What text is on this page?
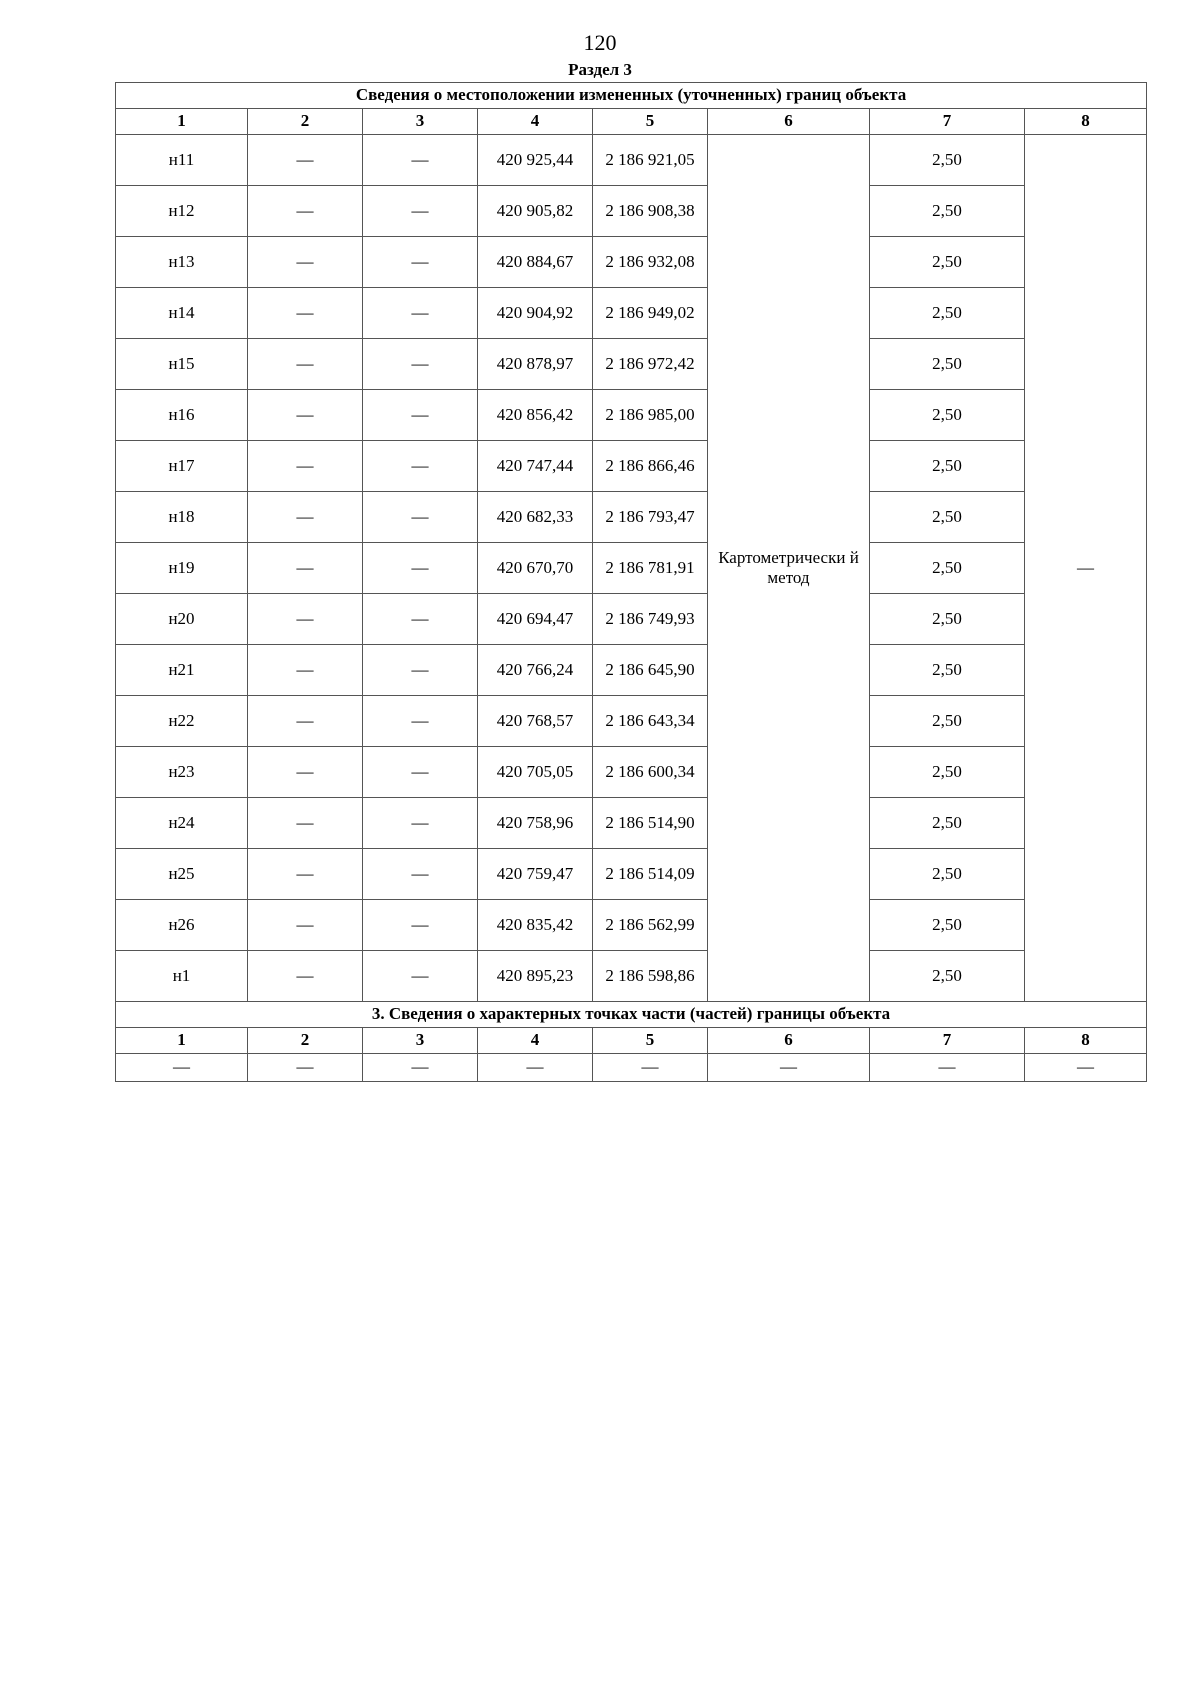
120
Раздел 3
Сведения о местоположении измененных (уточненных) границ объекта							
1	2	3	4	5	6	7	8
н11	—	—	420 925,44	2 186 921,05	Картометрически й метод	2,50	—
н12	—	—	420 905,82	2 186 908,38		2,50	
н13	—	—	420 884,67	2 186 932,08		2,50	
н14	—	—	420 904,92	2 186 949,02		2,50	
н15	—	—	420 878,97	2 186 972,42		2,50	
н16	—	—	420 856,42	2 186 985,00		2,50	
н17	—	—	420 747,44	2 186 866,46		2,50	
н18	—	—	420 682,33	2 186 793,47		2,50	
н19	—	—	420 670,70	2 186 781,91		2,50	
н20	—	—	420 694,47	2 186 749,93		2,50	
н21	—	—	420 766,24	2 186 645,90		2,50	
н22	—	—	420 768,57	2 186 643,34		2,50	
н23	—	—	420 705,05	2 186 600,34		2,50	
н24	—	—	420 758,96	2 186 514,90		2,50	
н25	—	—	420 759,47	2 186 514,09		2,50	
н26	—	—	420 835,42	2 186 562,99		2,50	
н1	—	—	420 895,23	2 186 598,86		2,50	
3. Сведения о характерных точках части (частей) границы объекта							
1	2	3	4	5	6	7	8
—	—	—	—	—	—	—	—
